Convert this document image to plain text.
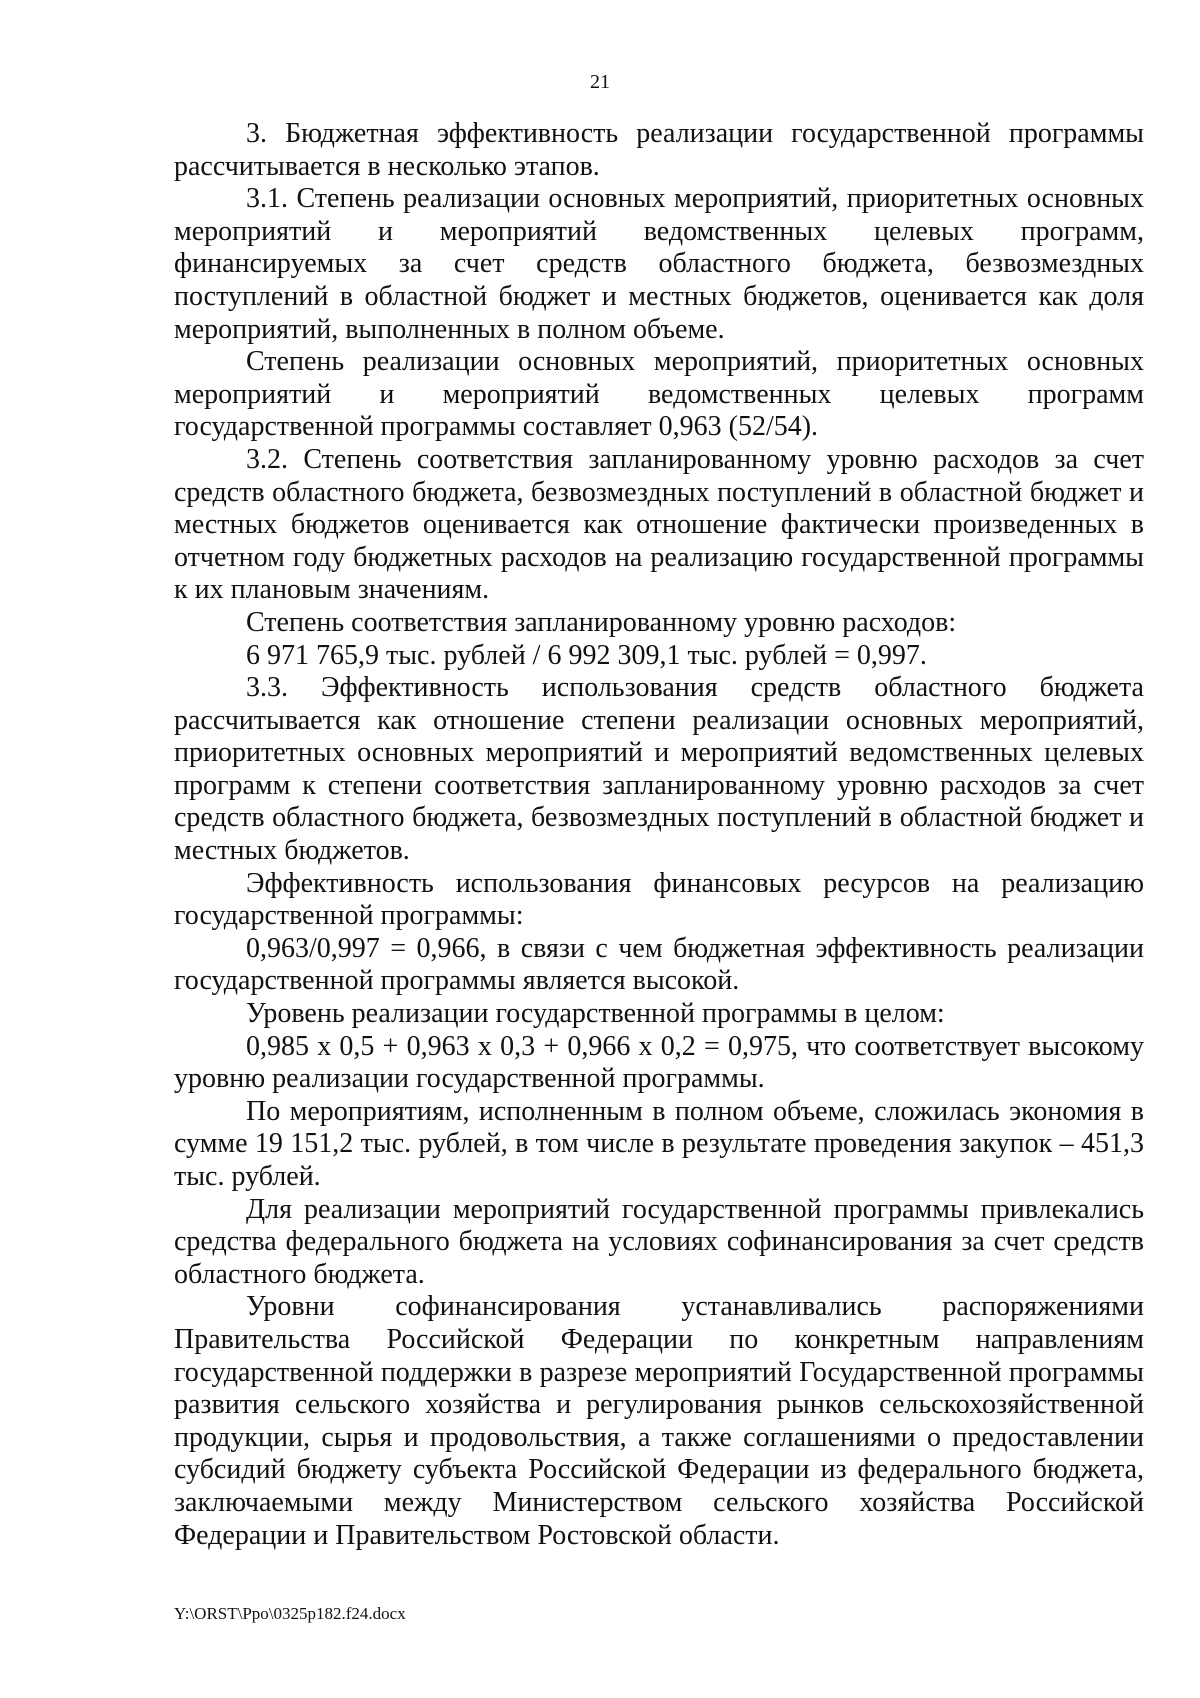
21

3. Бюджетная эффективность реализации государственной программы рассчитывается в несколько этапов.

3.1. Степень реализации основных мероприятий, приоритетных основных мероприятий и мероприятий ведомственных целевых программ, финансируемых за счет средств областного бюджета, безвозмездных поступлений в областной бюджет и местных бюджетов, оценивается как доля мероприятий, выполненных в полном объеме.

Степень реализации основных мероприятий, приоритетных основных мероприятий и мероприятий ведомственных целевых программ государственной программы составляет 0,963 (52/54).

3.2. Степень соответствия запланированному уровню расходов за счет средств областного бюджета, безвозмездных поступлений в областной бюджет и местных бюджетов оценивается как отношение фактически произведенных в отчетном году бюджетных расходов на реализацию государственной программы к их плановым значениям.

Степень соответствия запланированному уровню расходов:

6 971 765,9 тыс. рублей / 6 992 309,1 тыс. рублей = 0,997.

3.3. Эффективность использования средств областного бюджета рассчитывается как отношение степени реализации основных мероприятий, приоритетных основных мероприятий и мероприятий ведомственных целевых программ к степени соответствия запланированному уровню расходов за счет средств областного бюджета, безвозмездных поступлений в областной бюджет и местных бюджетов.

Эффективность использования финансовых ресурсов на реализацию государственной программы:

0,963/0,997 = 0,966, в связи с чем бюджетная эффективность реализации государственной программы является высокой.

Уровень реализации государственной программы в целом:

0,985 x 0,5 + 0,963 x 0,3 + 0,966 x 0,2 = 0,975, что соответствует высокому уровню реализации государственной программы.

По мероприятиям, исполненным в полном объеме, сложилась экономия в сумме 19 151,2 тыс. рублей, в том числе в результате проведения закупок – 451,3 тыс. рублей.

Для реализации мероприятий государственной программы привлекались средства федерального бюджета на условиях софинансирования за счет средств областного бюджета.

Уровни софинансирования устанавливались распоряжениями Правительства Российской Федерации по конкретным направлениям государственной поддержки в разрезе мероприятий Государственной программы развития сельского хозяйства и регулирования рынков сельскохозяйственной продукции, сырья и продовольствия, а также соглашениями о предоставлении субсидий бюджету субъекта Российской Федерации из федерального бюджета, заключаемыми между Министерством сельского хозяйства Российской Федерации и Правительством Ростовской области.

Y:\ORST\Ppo\0325p182.f24.docx
